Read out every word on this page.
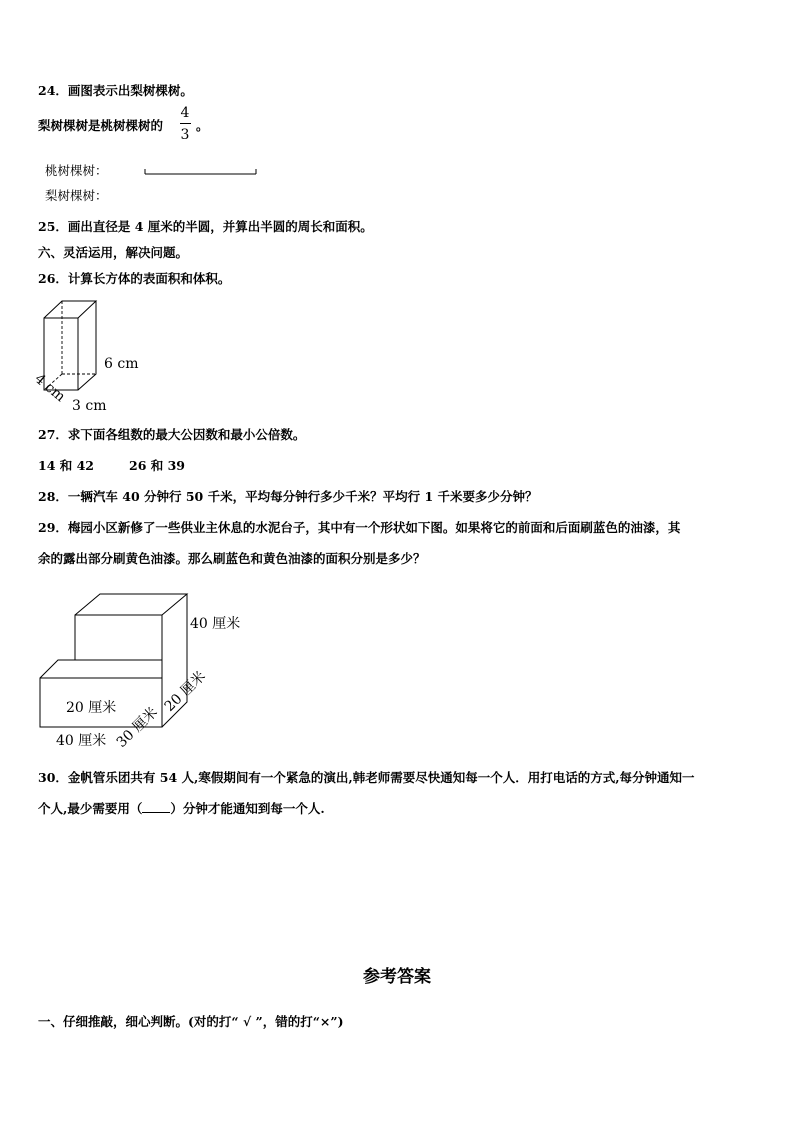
24．画图表示出梨树棵树。
梨树棵树是桃树棵树的
4
3
。
桃树棵树：
梨树棵树：
25．画出直径是 4 厘米的半圆，并算出半圆的周长和面积。
六、灵活运用，解决问题。
26．计算长方体的表面积和体积。
6 cm
3 cm
4 cm
27．求下面各组数的最大公因数和最小公倍数。
14 和 42	26 和 39
28．一辆汽车 40 分钟行 50 千米，平均每分钟行多少千米？平均行 1 千米要多少分钟？
29．梅园小区新修了一些供业主休息的水泥台子，其中有一个形状如下图。如果将它的前面和后面刷蓝色的油漆，其
余的露出部分刷黄色油漆。那么刷蓝色和黄色油漆的面积分别是多少？
40 厘米
20 厘米
40 厘米 30 厘米
20 厘米
30．金帆管乐团共有 54 人,寒假期间有一个紧急的演出,韩老师需要尽快通知每一个人．用打电话的方式,每分钟通知一
个人,最少需要用（ ）分钟才能通知到每一个人.
参考答案
一、仔细推敲，细心判断。(对的打“ √ ”，错的打“×”)
